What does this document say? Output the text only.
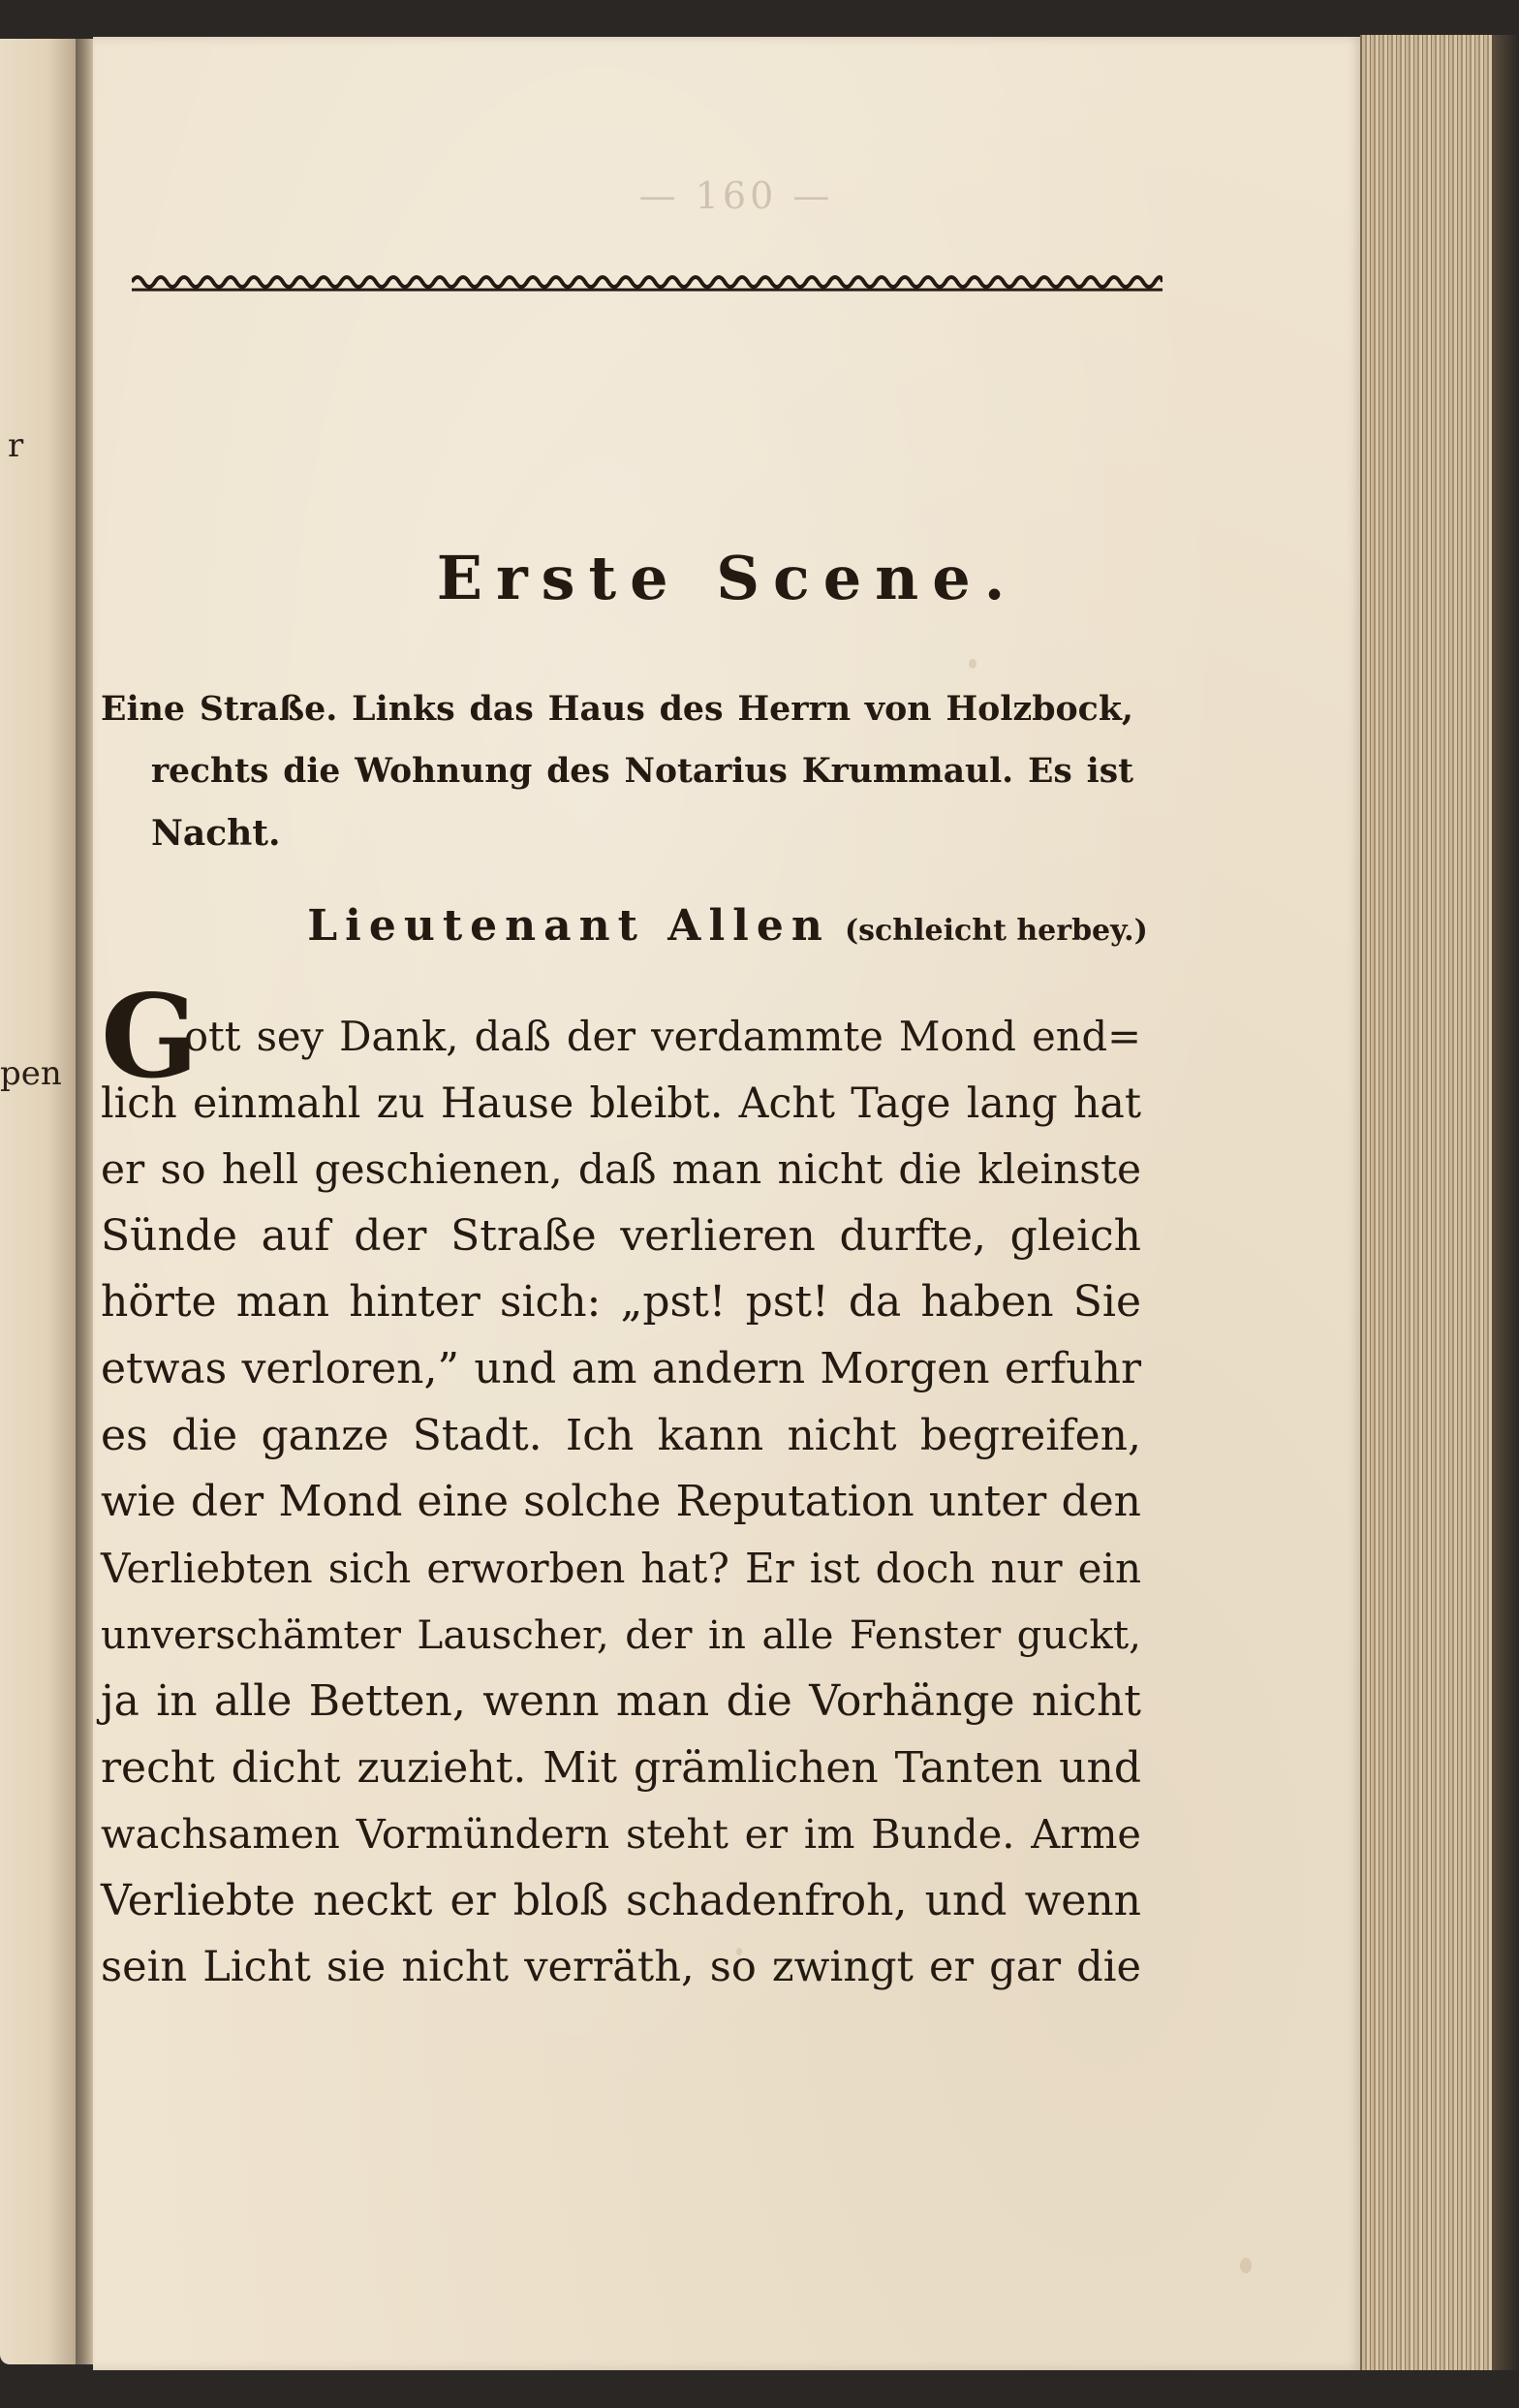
r
pen
— 160 —
Erste Scene.
Eine Straße. Links das Haus des Herrn von Holzbock,
rechts die Wohnung des Notarius Krummaul. Es ist
Nacht.
Lieutenant Allen (schleicht herbey.)
G
ott sey Dank, daß der verdammte Mond end=
lich einmahl zu Hause bleibt. Acht Tage lang hat
er so hell geschienen, daß man nicht die kleinste
Sünde auf der Straße verlieren durfte, gleich
hörte man hinter sich: „pst! pst! da haben Sie
etwas verloren,” und am andern Morgen erfuhr
es die ganze Stadt. Ich kann nicht begreifen,
wie der Mond eine solche Reputation unter den
Verliebten sich erworben hat? Er ist doch nur ein
unverschämter Lauscher, der in alle Fenster guckt,
ja in alle Betten, wenn man die Vorhänge nicht
recht dicht zuzieht. Mit grämlichen Tanten und
wachsamen Vormündern steht er im Bunde. Arme
Verliebte neckt er bloß schadenfroh, und wenn
sein Licht sie nicht verräth, so zwingt er gar die
